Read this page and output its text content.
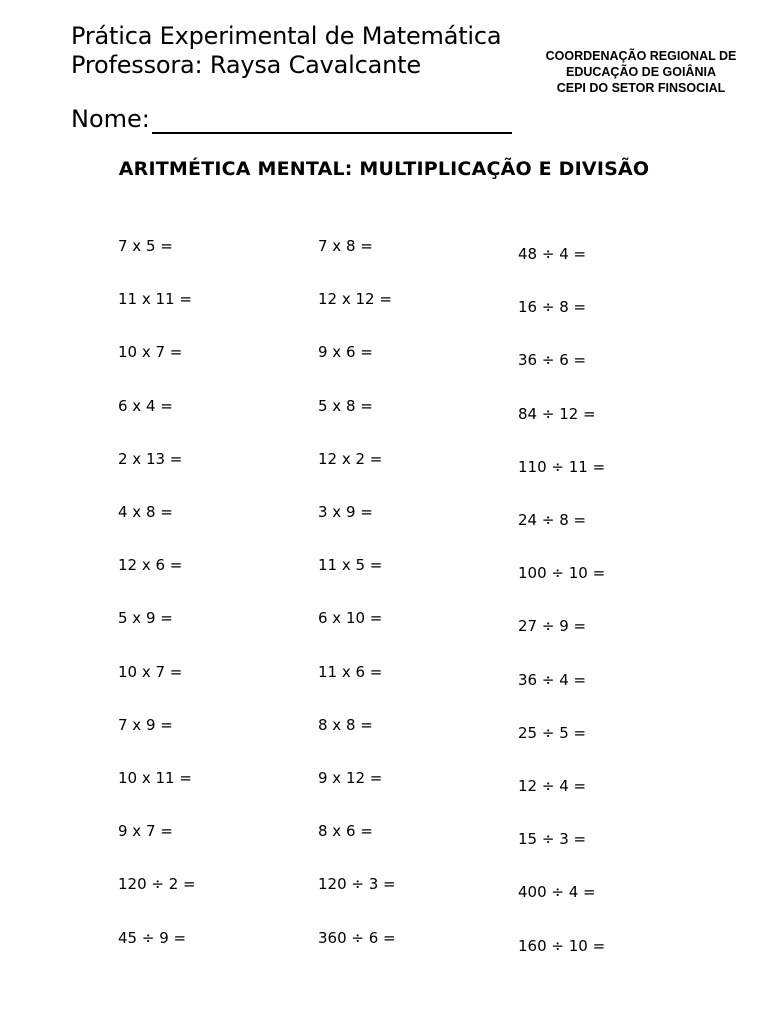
Prática Experimental de Matemática
Professora: Raysa Cavalcante	COORDENAÇÃO REGIONAL DE
EDUCAÇÃO DE GOIÂNIA
CEPI DO SETOR FINSOCIAL
Nome:
ARITMÉTICA MENTAL: MULTIPLICAÇÃO E DIVISÃO
7 x 5 =
11 x 11 =
10 x 7 =
6 x 4 =
2 x 13 =
4 x 8 =
12 x 6 =
5 x 9 =
10 x 7 =
7 x 9 =
10 x 11 =
9 x 7 =
120 ÷ 2 =
45 ÷ 9 =
7 x 8 =
12 x 12 =
9 x 6 =
5 x 8 =
12 x 2 =
3 x 9 =
11 x 5 =
6 x 10 =
11 x 6 =
8 x 8 =
9 x 12 =
8 x 6 =
120 ÷ 3 =
360 ÷ 6 =
48 ÷ 4 =
16 ÷ 8 =
36 ÷ 6 =
84 ÷ 12 =
110 ÷ 11 =
24 ÷ 8 =
100 ÷ 10 =
27 ÷ 9 =
36 ÷ 4 =
25 ÷ 5 =
12 ÷ 4 =
15 ÷ 3 =
400 ÷ 4 =
160 ÷ 10 =
